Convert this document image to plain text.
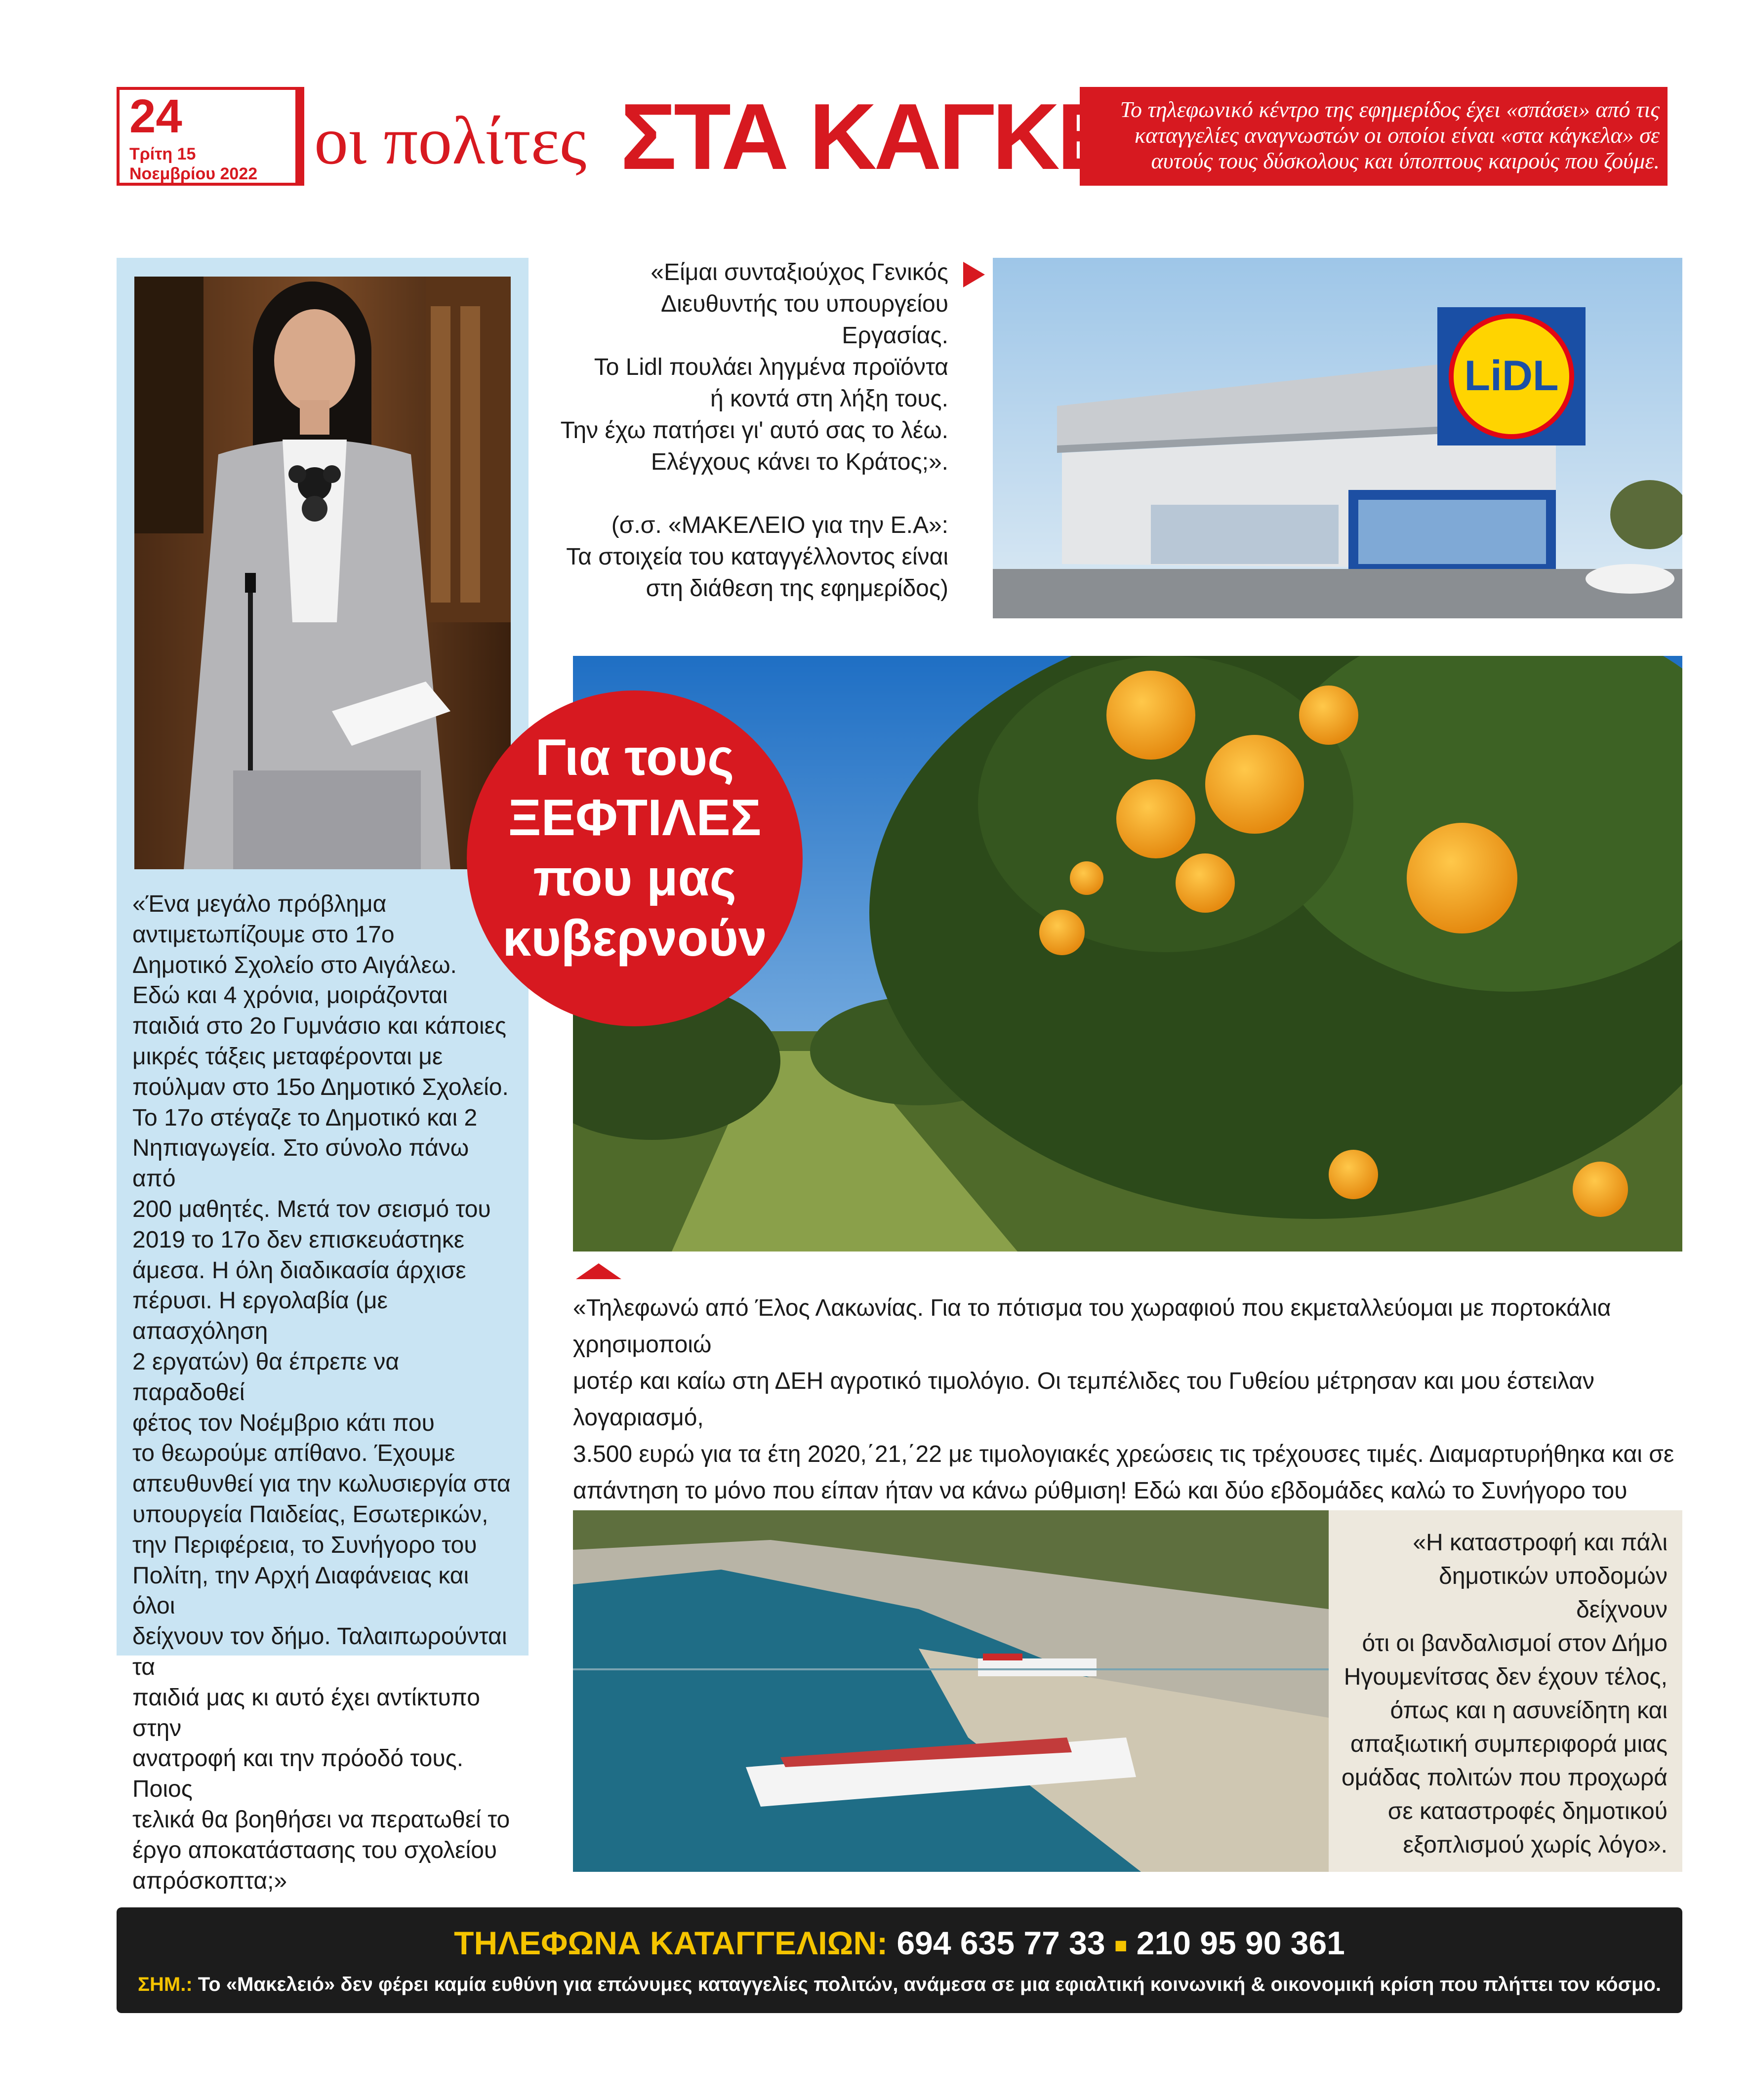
24
Τρίτη 15
Νοεμβρίου 2022 οι πολίτες ΣΤΑ ΚΑΓΚΕΛΑ
Το τηλεφωνικό κέντρο της εφημερίδος έχει «σπάσει» από τις καταγγελίες αναγνωστών οι οποίοι είναι «στα κάγκελα» σε αυτούς τους δύσκολους και ύποπτους καιρούς που ζούμε.
«Ένα μεγάλο πρόβλημα
αντιμετωπίζουμε στο 17ο
Δημοτικό Σχολείο στο Αιγάλεω.
Εδώ και 4 χρόνια, μοιράζονται
παιδιά στο 2ο Γυμνάσιο και κάποιες
μικρές τάξεις μεταφέρονται με
πούλμαν στο 15ο Δημοτικό Σχολείο.
Το 17ο στέγαζε το Δημοτικό και 2
Νηπιαγωγεία. Στο σύνολο πάνω από
200 μαθητές. Μετά τον σεισμό του
2019 το 17ο δεν επισκευάστηκε
άμεσα. Η όλη διαδικασία άρχισε
πέρυσι. Η εργολαβία (με απασχόληση
2 εργατών) θα έπρεπε να παραδοθεί
φέτος τον Νοέμβριο κάτι που
το θεωρούμε απίθανο. Έχουμε
απευθυνθεί για την κωλυσιεργία στα
υπουργεία Παιδείας, Εσωτερικών,
την Περιφέρεια, το Συνήγορο του
Πολίτη, την Αρχή Διαφάνειας και όλοι
δείχνουν τον δήμο. Ταλαιπωρούνται τα
παιδιά μας κι αυτό έχει αντίκτυπο στην
ανατροφή και την πρόοδό τους. Ποιος
τελικά θα βοηθήσει να περατωθεί το
έργο αποκατάστασης του σχολείου
απρόσκοπτα;»
«Είμαι συνταξιούχος Γενικός
Διευθυντής του υπουργείου Εργασίας.
Το Lidl πουλάει ληγμένα προϊόντα
ή κοντά στη λήξη τους.
Την έχω πατήσει γι' αυτό σας το λέω.
Ελέγχους κάνει το Κράτος;».
(σ.σ. «ΜΑΚΕΛΕΙΟ για την Ε.Α»:
Τα στοιχεία του καταγγέλλοντος είναι
στη διάθεση της εφημερίδος)
LiDL
Για τους
ΞΕΦΤΙΛΕΣ
που μας
κυβερνούν
«Τηλεφωνώ από Έλος Λακωνίας. Για το πότισμα του χωραφιού που εκμεταλλεύομαι με πορτοκάλια χρησιμοποιώ
μοτέρ και καίω στη ΔΕΗ αγροτικό τιμολόγιο. Οι τεμπέλιδες του Γυθείου μέτρησαν και μου έστειλαν λογαριασμό,
3.500 ευρώ για τα έτη 2020,΄21,΄22 με τιμολογιακές χρεώσεις τις τρέχουσες τιμές. Διαμαρτυρήθηκα και σε
απάντηση το μόνο που είπαν ήταν να κάνω ρύθμιση! Εδώ και δύο εβδομάδες καλώ το Συνήγορο του
«Η καταστροφή και πάλι
δημοτικών υποδομών δείχνουν
ότι οι βανδαλισμοί στον Δήμο
Ηγουμενίτσας δεν έχουν τέλος,
όπως και η ασυνείδητη και
απαξιωτική συμπεριφορά μιας
ομάδας πολιτών που προχωρά
σε καταστροφές δημοτικού
εξοπλισμού χωρίς λόγο».
ΤΗΛΕΦΩΝΑ ΚΑΤΑΓΓΕΛΙΩΝ: 694 635 77 33 ■ 210 95 90 361
ΣΗΜ.: Το «Μακελειό» δεν φέρει καμία ευθύνη για επώνυμες καταγγελίες πολιτών, ανάμεσα σε μια εφιαλτική κοινωνική & οικονομική κρίση που πλήττει τον κόσμο.
